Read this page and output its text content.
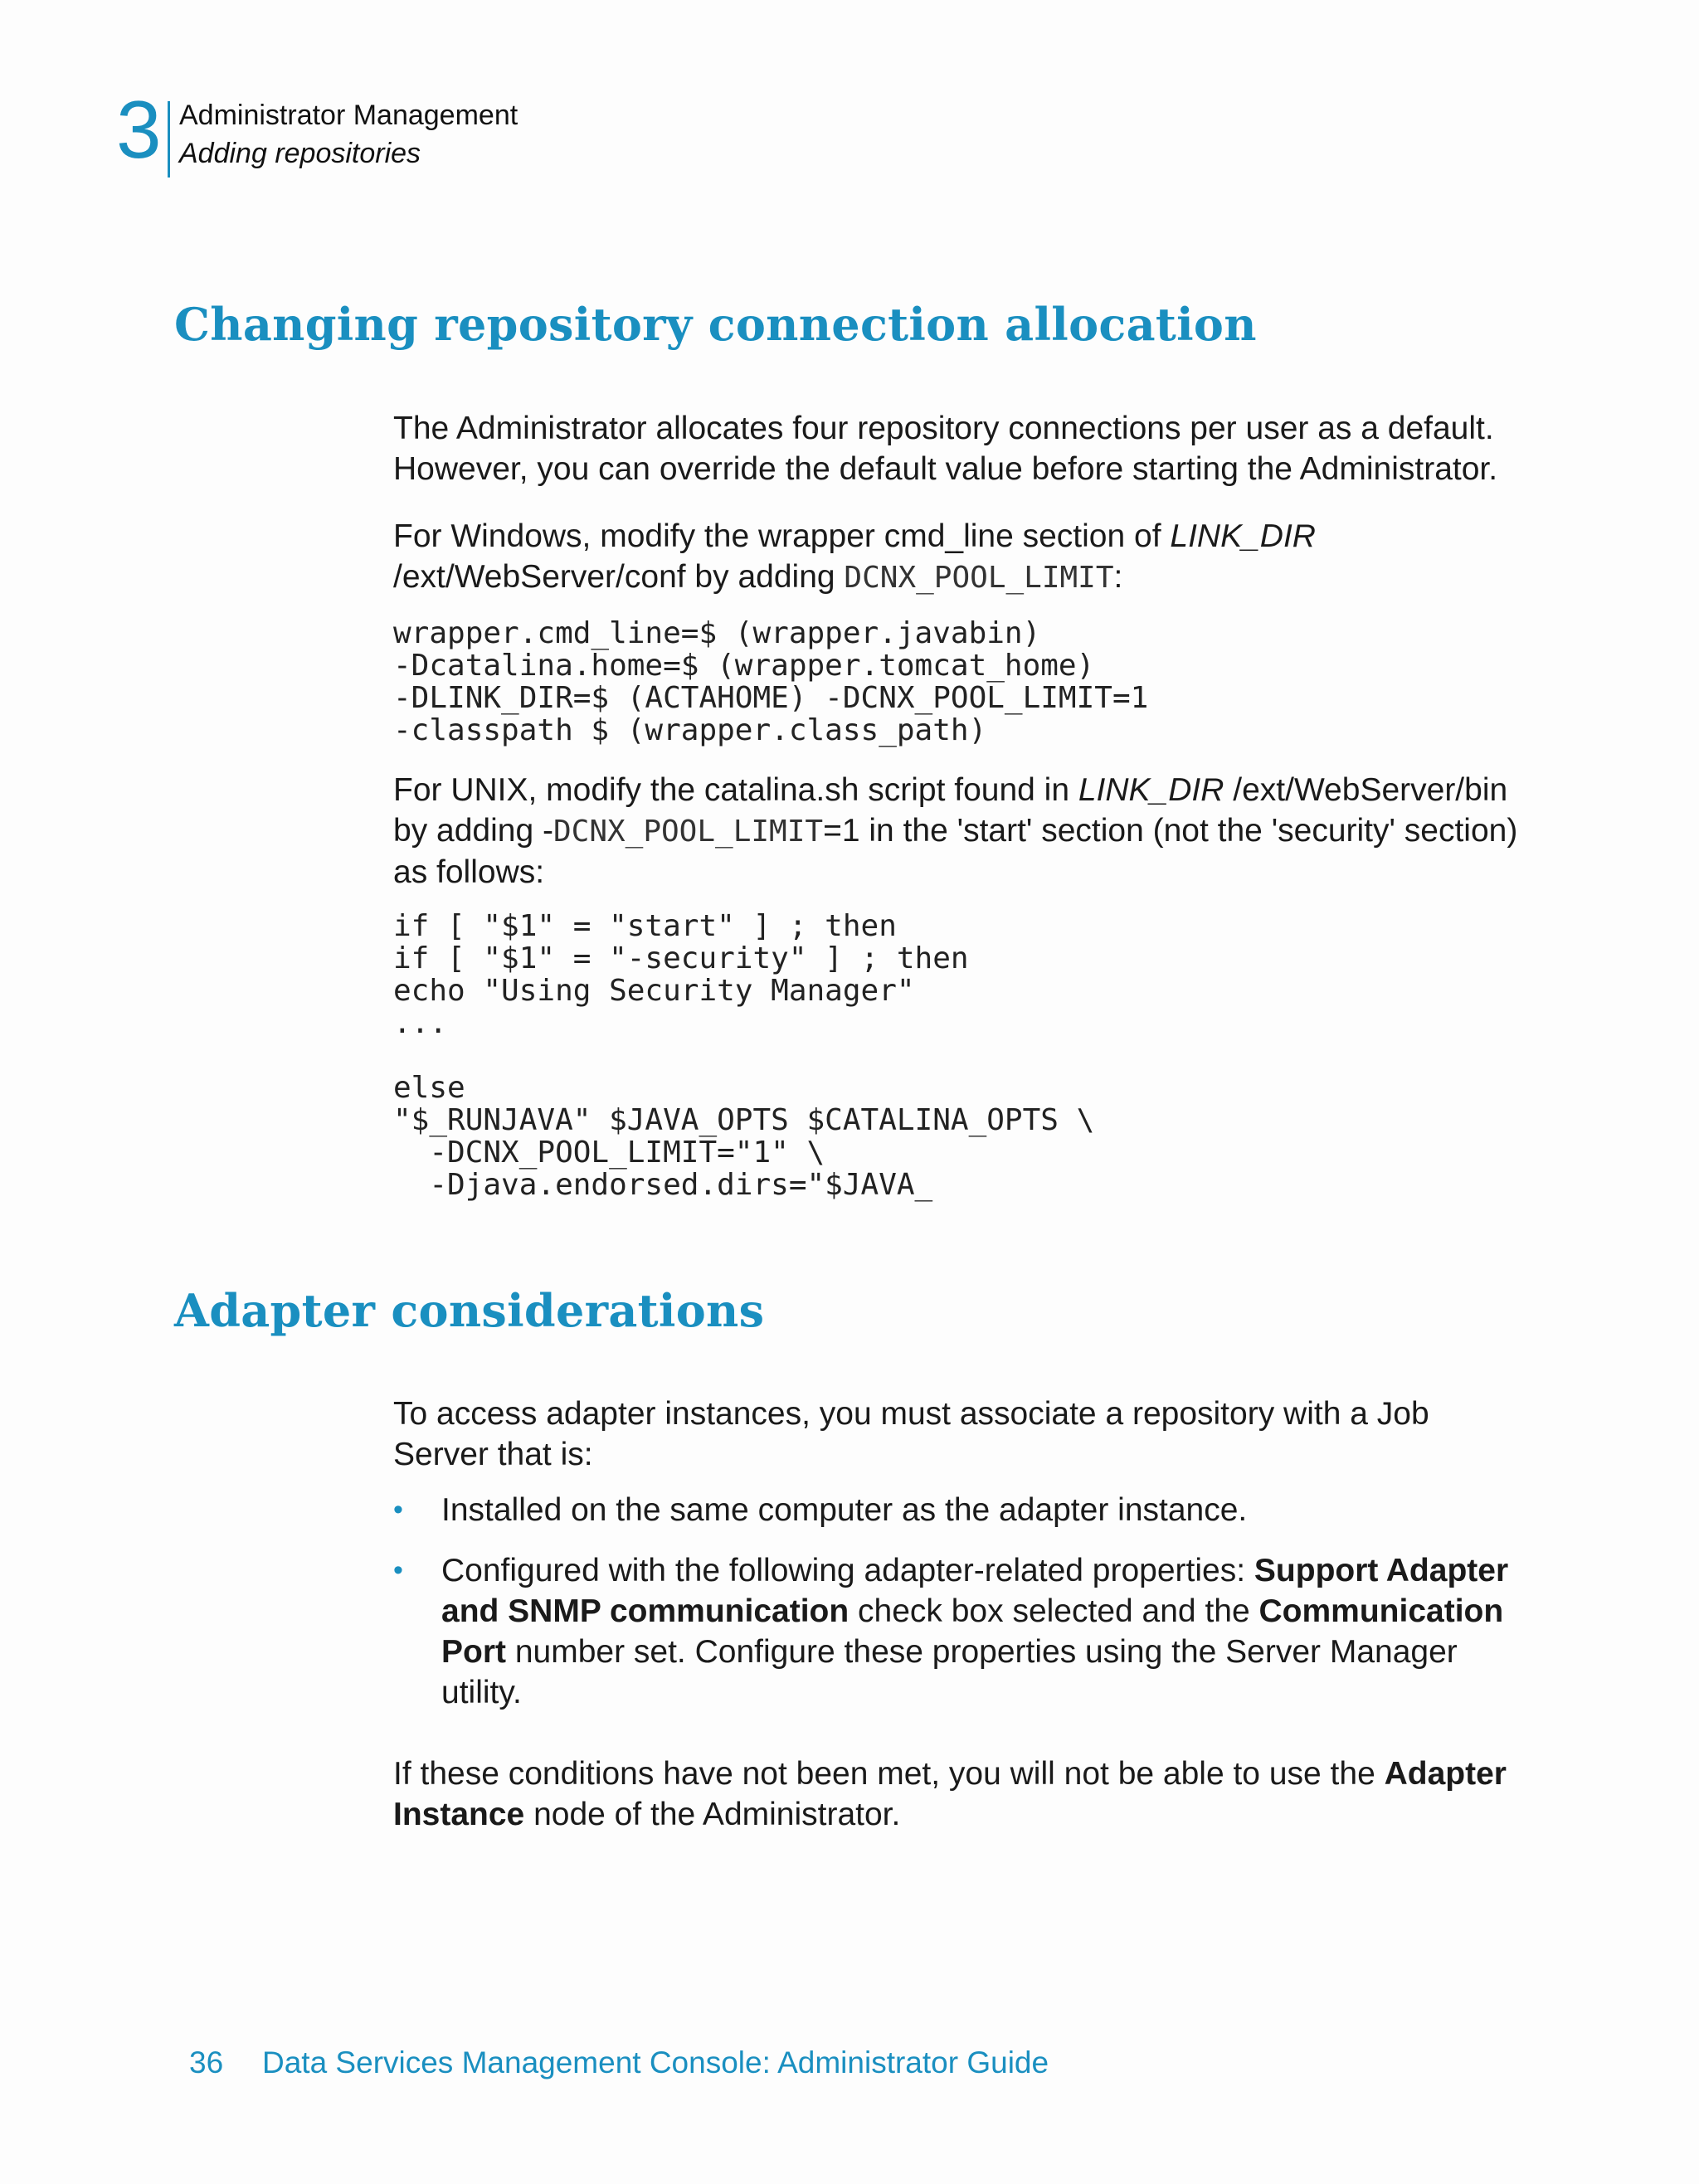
3 Administrator Management
Adding repositories
Changing repository connection allocation

The Administrator allocates four repository connections per user as a default. However, you can override the default value before starting the Administrator.

For Windows, modify the wrapper cmd_line section of LINK_DIR /ext/WebServer/conf by adding DCNX_POOL_LIMIT:

wrapper.cmd_line=$ (wrapper.javabin)
-Dcatalina.home=$ (wrapper.tomcat_home)
-DLINK_DIR=$ (ACTAHOME) -DCNX_POOL_LIMIT=1
-classpath $ (wrapper.class_path)

For UNIX, modify the catalina.sh script found in LINK_DIR /ext/WebServer/bin by adding -DCNX_POOL_LIMIT=1 in the 'start' section (not the 'security' section) as follows:

if [ "$1" = "start" ] ; then
if [ "$1" = "-security" ] ; then
echo "Using Security Manager"
...

else
"$_RUNJAVA" $JAVA_OPTS $CATALINA_OPTS \
-DCNX_POOL_LIMIT="1" \
-Djava.endorsed.dirs="$JAVA_
Adapter considerations

To access adapter instances, you must associate a repository with a Job Server that is:

• Installed on the same computer as the adapter instance.
• Configured with the following adapter-related properties: Support Adapter and SNMP communication check box selected and the Communication Port number set. Configure these properties using the Server Manager utility.

If these conditions have not been met, you will not be able to use the Adapter Instance node of the Administrator.

36 Data Services Management Console: Administrator Guide
